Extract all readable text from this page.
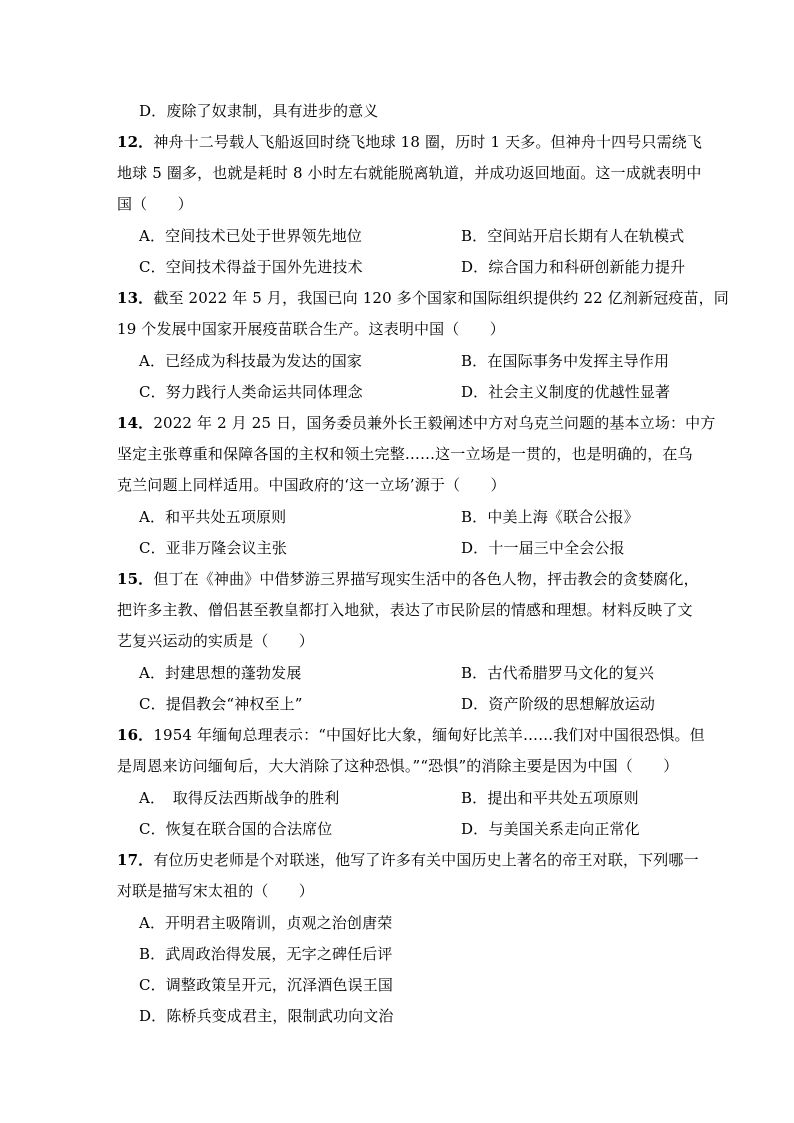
D．废除了奴隶制，具有进步的意义
12．神舟十二号载人飞船返回时绕飞地球 18 圈，历时 1 天多。但神舟十四号只需绕飞
地球 5 圈多，也就是耗时 8 小时左右就能脱离轨道，并成功返回地面。这一成就表明中
国（　　）
A．空间技术已处于世界领先地位	B．空间站开启长期有人在轨模式
C．空间技术得益于国外先进技术	D．综合国力和科研创新能力提升
13．截至 2022 年 5 月，我国已向 120 多个国家和国际组织提供约 22 亿剂新冠疫苗，同
19 个发展中国家开展疫苗联合生产。这表明中国（　　）
A．已经成为科技最为发达的国家	B．在国际事务中发挥主导作用
C．努力践行人类命运共同体理念	D．社会主义制度的优越性显著
14．2022 年 2 月 25 日，国务委员兼外长王毅阐述中方对乌克兰问题的基本立场：中方
坚定主张尊重和保障各国的主权和领土完整……这一立场是一贯的，也是明确的，在乌
克兰问题上同样适用。中国政府的‘这一立场’源于（　　）
A．和平共处五项原则	B．中美上海《联合公报》
C．亚非万隆会议主张	D．十一届三中全会公报
15．但丁在《神曲》中借梦游三界描写现实生活中的各色人物，抨击教会的贪婪腐化，
把许多主教、僧侣甚至教皇都打入地狱，表达了市民阶层的情感和理想。材料反映了文
艺复兴运动的实质是（　　）
A．封建思想的蓬勃发展	B．古代希腊罗马文化的复兴
C．提倡教会“神权至上”	D．资产阶级的思想解放运动
16．1954 年缅甸总理表示：“中国好比大象，缅甸好比羔羊……我们对中国很恐惧。但
是周恩来访问缅甸后，大大消除了这种恐惧。”“恐惧”的消除主要是因为中国（　　）
A．　取得反法西斯战争的胜利	B．提出和平共处五项原则
C．恢复在联合国的合法席位	D．与美国关系走向正常化
17．有位历史老师是个对联迷，他写了许多有关中国历史上著名的帝王对联，下列哪一
对联是描写宋太祖的（　　）
A．开明君主吸隋训，贞观之治创唐荣
B．武周政治得发展，无字之碑任后评
C．调整政策呈开元，沉泽酒色误王国
D．陈桥兵变成君主，限制武功向文治
